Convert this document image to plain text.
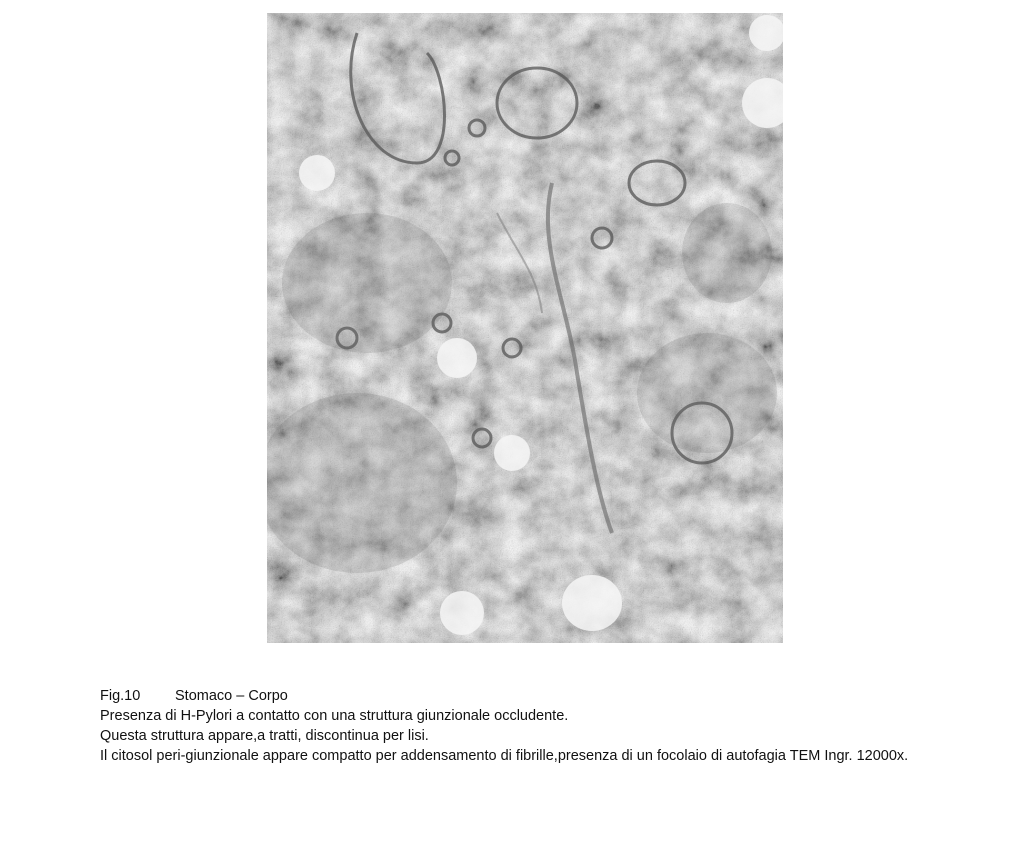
Fig.10 Stomaco – Corpo
Presenza di H-Pylori a contatto con una struttura giunzionale occludente.
Questa struttura appare,a tratti, discontinua per lisi.
Il citosol peri-giunzionale appare compatto per addensamento di fibrille,presenza di un focolaio di autofagia TEM Ingr. 12000x.
